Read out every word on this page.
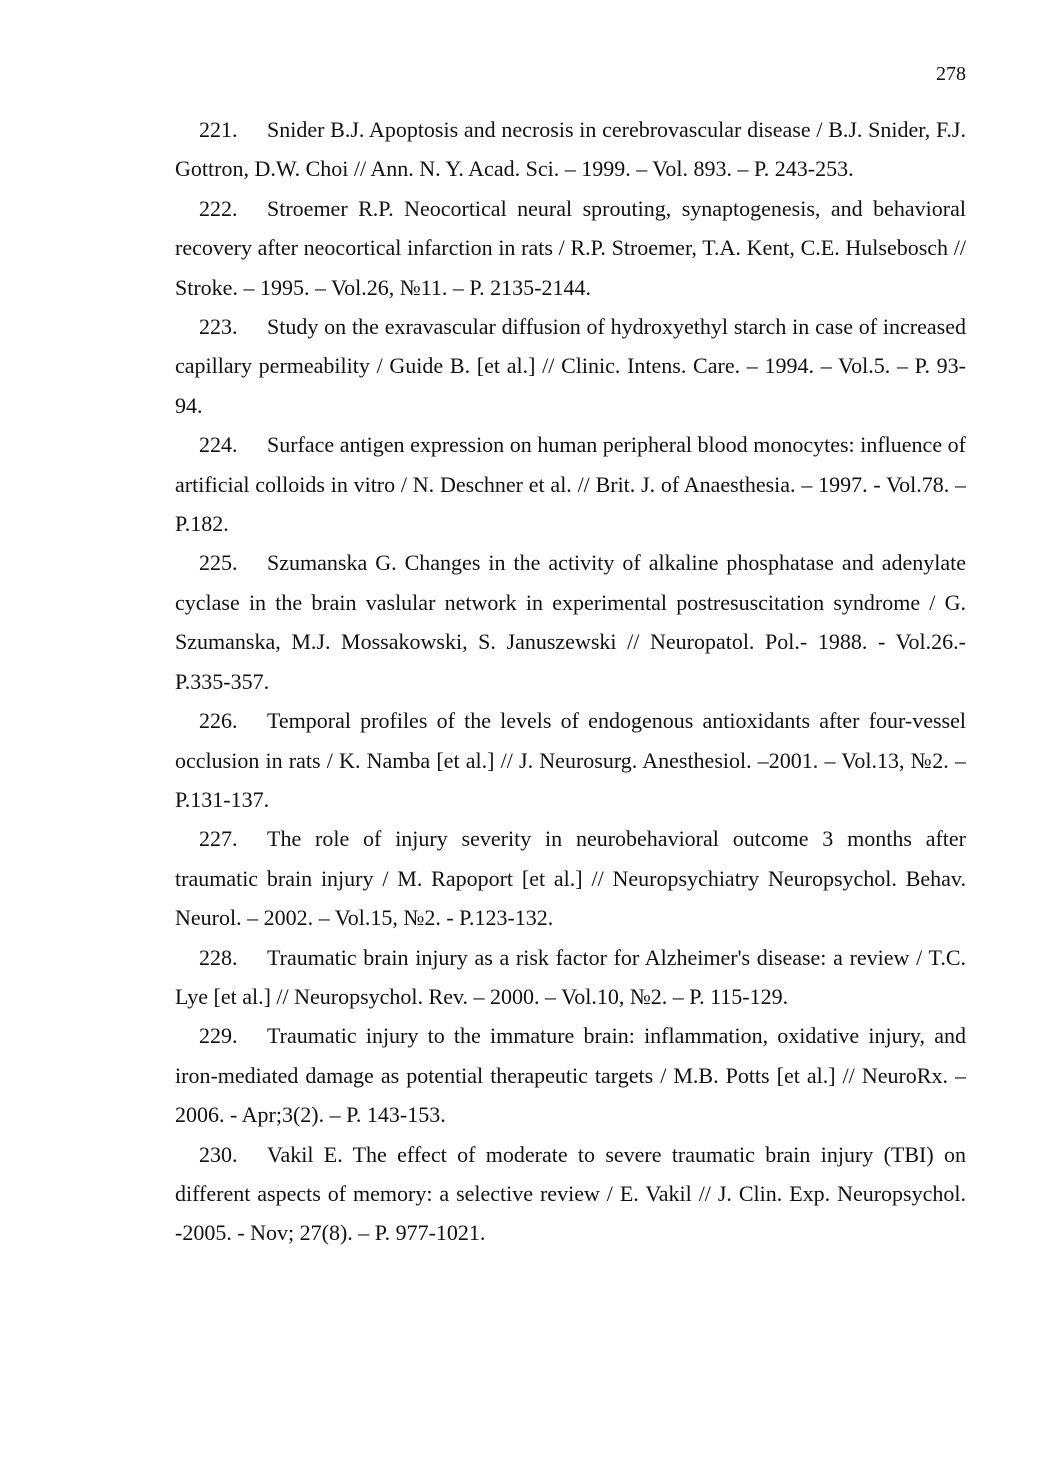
278
221. Snider B.J. Apoptosis and necrosis in cerebrovascular disease / B.J. Snider, F.J. Gottron, D.W. Choi // Ann. N. Y. Acad. Sci. – 1999. – Vol. 893. – P. 243-253.
222. Stroemer R.P. Neocortical neural sprouting, synaptogenesis, and behavioral recovery after neocortical infarction in rats / R.P. Stroemer, T.A. Kent, C.E. Hulsebosch // Stroke. – 1995. – Vol.26, №11. – P. 2135-2144.
223. Study on the exravascular diffusion of hydroxyethyl starch in case of increased capillary permeability / Guide B. [et al.] // Clinic. Intens. Care. – 1994. – Vol.5. – P. 93-94.
224. Surface antigen expression on human peripheral blood monocytes: influence of artificial colloids in vitro / N. Deschner et al. // Brit. J. of Anaesthesia. – 1997. - Vol.78. – P.182.
225. Szumanska G. Changes in the activity of alkaline phosphatase and adenylate cyclase in the brain vaslular network in experimental postresuscitation syndrome / G. Szumanska, M.J. Mossakowski, S. Januszewski // Neuropatol. Pol.- 1988. - Vol.26.- P.335-357.
226. Temporal profiles of the levels of endogenous antioxidants after four-vessel occlusion in rats / K. Namba [et al.] // J. Neurosurg. Anesthesiol. –2001. – Vol.13, №2. – P.131-137.
227. The role of injury severity in neurobehavioral outcome 3 months after traumatic brain injury / M. Rapoport [et al.] // Neuropsychiatry Neuropsychol. Behav. Neurol. – 2002. – Vol.15, №2. - P.123-132.
228. Traumatic brain injury as a risk factor for Alzheimer's disease: a review / T.C. Lye [et al.] // Neuropsychol. Rev. – 2000. – Vol.10, №2. – P. 115-129.
229. Traumatic injury to the immature brain: inflammation, oxidative injury, and iron-mediated damage as potential therapeutic targets / M.B. Potts [et al.] // NeuroRx. – 2006. - Apr;3(2). – P. 143-153.
230. Vakil E. The effect of moderate to severe traumatic brain injury (TBI) on different aspects of memory: a selective review / E. Vakil // J. Clin. Exp. Neuropsychol. -2005. - Nov; 27(8). – P. 977-1021.
